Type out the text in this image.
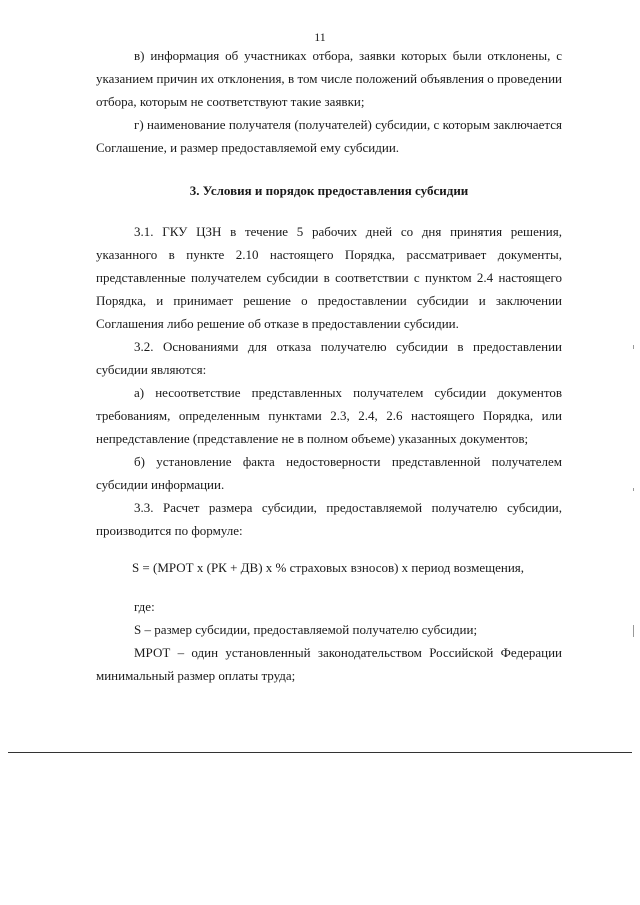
11

в) информация об участниках отбора, заявки которых были отклонены, с указанием причин их отклонения, в том числе положений объявления о проведении отбора, которым не соответствуют такие заявки;

г) наименование получателя (получателей) субсидии, с которым заключается Соглашение, и размер предоставляемой ему субсидии.

3. Условия и порядок предоставления субсидии

3.1. ГКУ ЦЗН в течение 5 рабочих дней со дня принятия решения, указанного в пункте 2.10 настоящего Порядка, рассматривает документы, представленные получателем субсидии в соответствии с пунктом 2.4 настоящего Порядка, и принимает решение о предоставлении субсидии и заключении Соглашения либо решение об отказе в предоставлении субсидии.

3.2. Основаниями для отказа получателю субсидии в предоставлении субсидии являются:

а) несоответствие представленных получателем субсидии документов требованиям, определенным пунктами 2.3, 2.4, 2.6 настоящего Порядка, или непредставление (представление не в полном объеме) указанных документов;

б) установление факта недостоверности представленной получателем субсидии информации.

3.3. Расчет размера субсидии, предоставляемой получателю субсидии, производится по формуле:

S = (МРОТ х (РК + ДВ) х % страховых взносов) х период возмещения,

где:

S – размер субсидии, предоставляемой получателю субсидии;

МРОТ – один установленный законодательством Российской Федерации минимальный размер оплаты труда;
